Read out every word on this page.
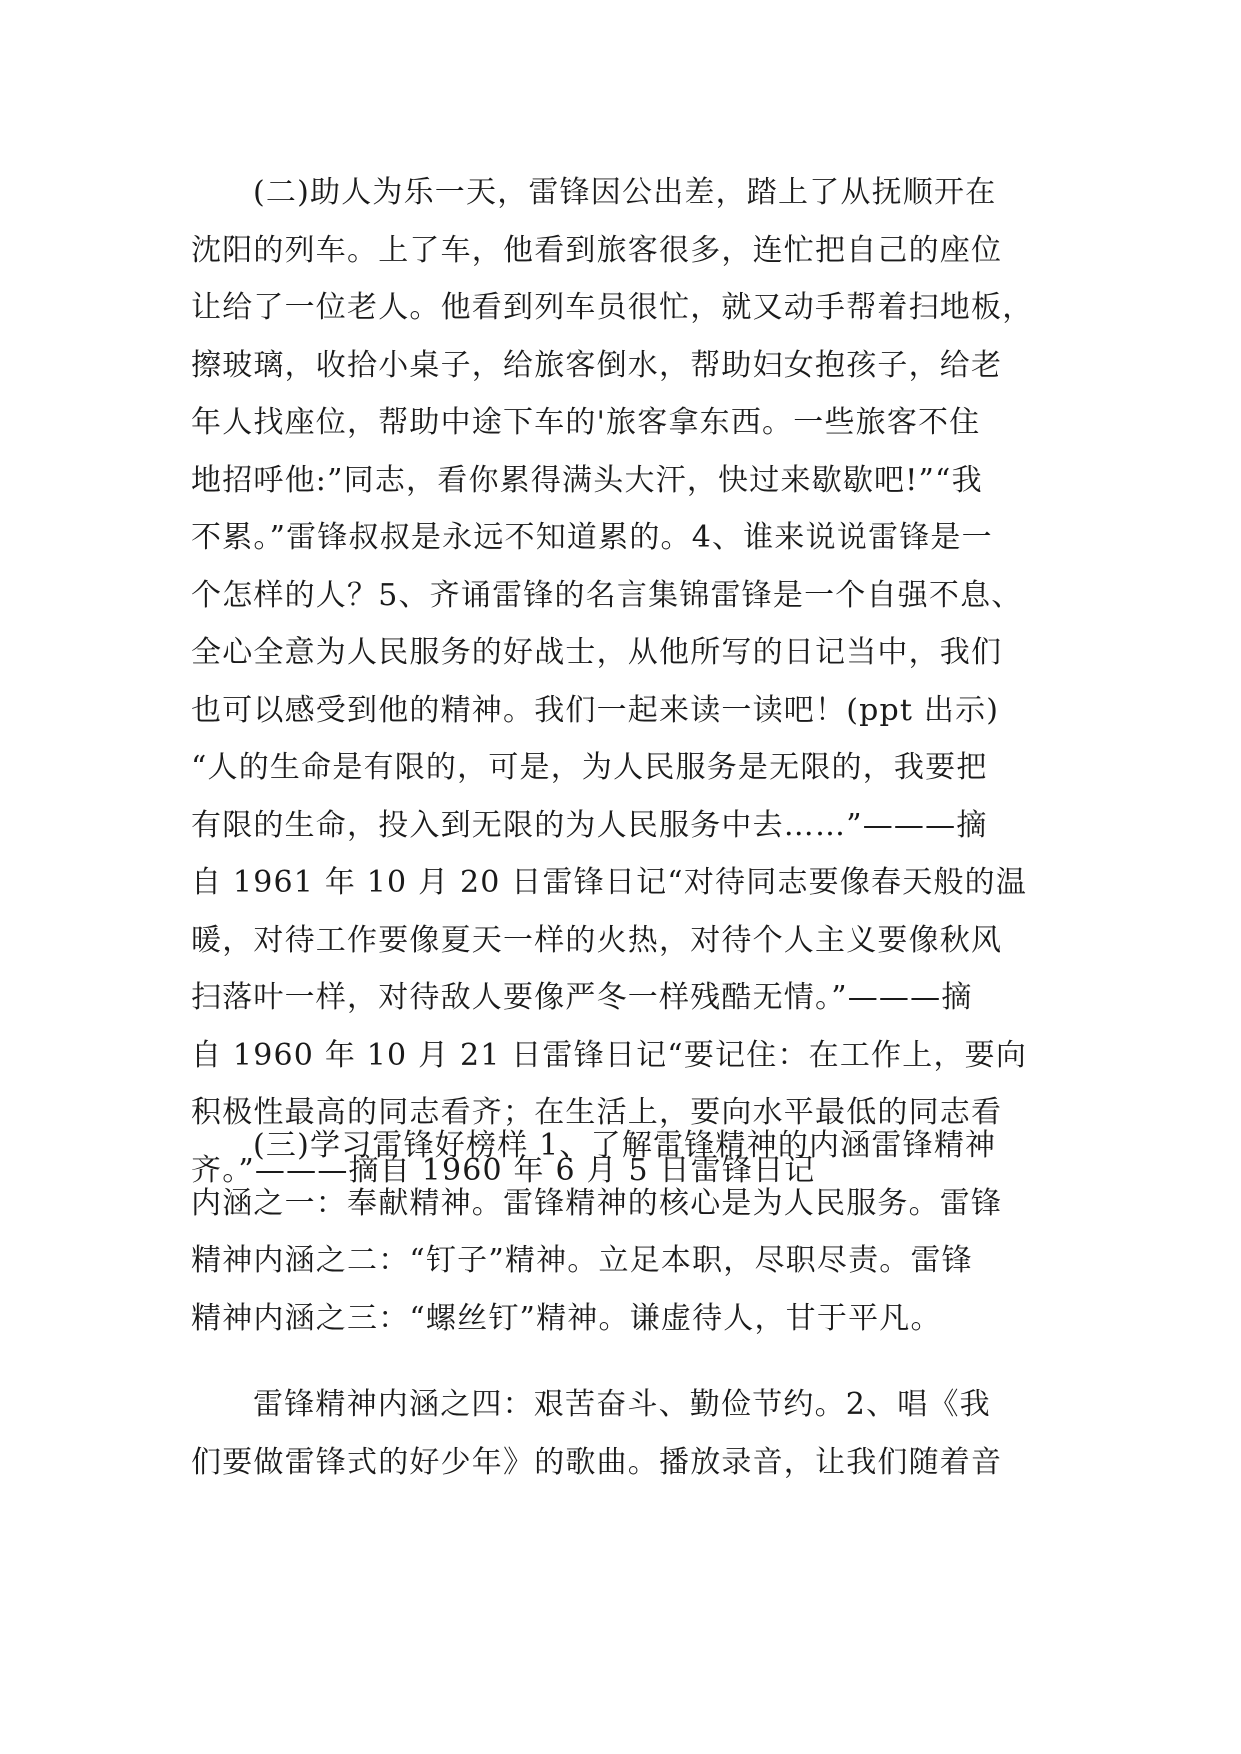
(二)助人为乐一天，雷锋因公出差，踏上了从抚顺开在
沈阳的列车。上了车，他看到旅客很多，连忙把自己的座位
让给了一位老人。他看到列车员很忙，就又动手帮着扫地板，
擦玻璃，收拾小桌子，给旅客倒水，帮助妇女抱孩子，给老
年人找座位，帮助中途下车的'旅客拿东西。一些旅客不住
地招呼他:”同志，看你累得满头大汗，快过来歇歇吧!”“我
不累。”雷锋叔叔是永远不知道累的。4、谁来说说雷锋是一
个怎样的人？5、齐诵雷锋的名言集锦雷锋是一个自强不息、
全心全意为人民服务的好战士，从他所写的日记当中，我们
也可以感受到他的精神。我们一起来读一读吧！(ppt 出示)
“人的生命是有限的，可是，为人民服务是无限的，我要把
有限的生命，投入到无限的为人民服务中去……”———摘
自 1961 年 10 月 20 日雷锋日记“对待同志要像春天般的温
暖，对待工作要像夏天一样的火热，对待个人主义要像秋风
扫落叶一样，对待敌人要像严冬一样残酷无情。”———摘
自 1960 年 10 月 21 日雷锋日记“要记住：在工作上，要向
积极性最高的同志看齐；在生活上，要向水平最低的同志看
齐。”———摘自 1960 年 6 月 5 日雷锋日记
(三)学习雷锋好榜样 1、了解雷锋精神的内涵雷锋精神
内涵之一：奉献精神。雷锋精神的核心是为人民服务。雷锋
精神内涵之二：“钉子”精神。立足本职，尽职尽责。雷锋
精神内涵之三：“螺丝钉”精神。谦虚待人，甘于平凡。
雷锋精神内涵之四：艰苦奋斗、勤俭节约。2、唱《我
们要做雷锋式的好少年》的歌曲。播放录音，让我们随着音
